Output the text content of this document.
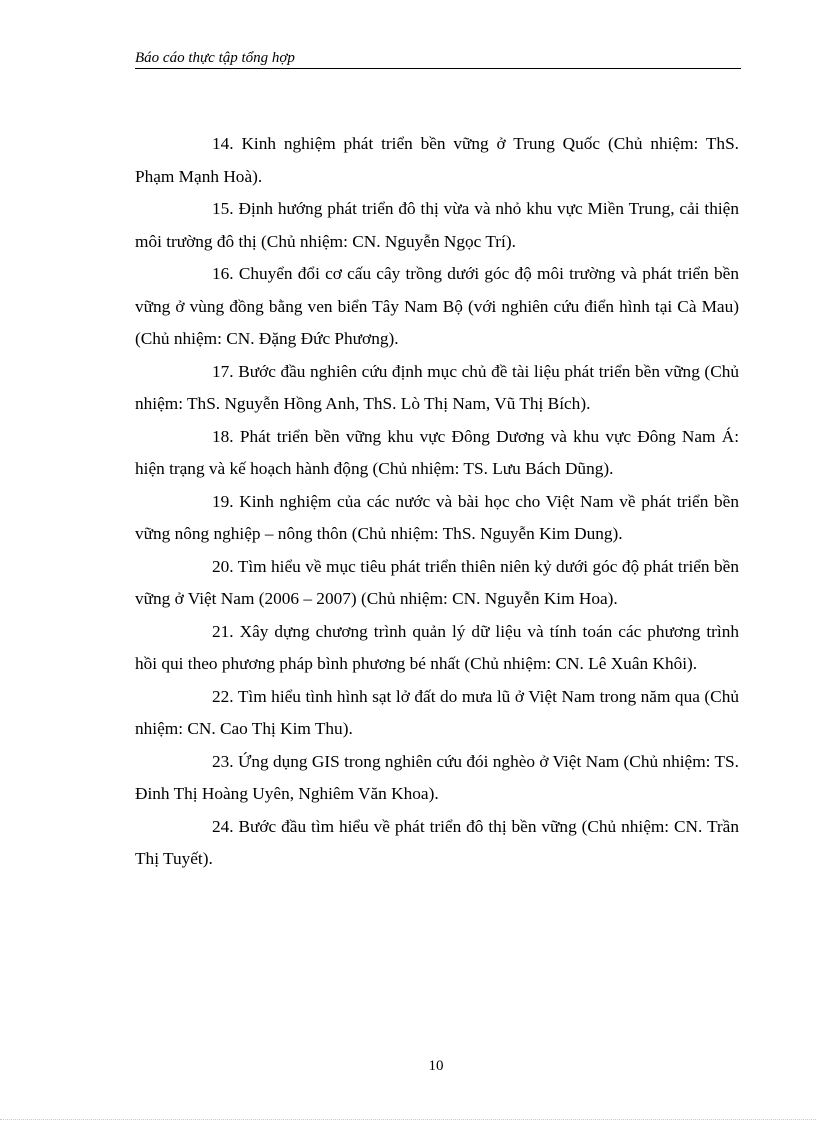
Báo cáo thực tập tổng hợp
14. Kinh nghiệm phát triển bền vững ở Trung Quốc (Chủ nhiệm: ThS. Phạm Mạnh Hoà).
15. Định hướng phát triển đô thị vừa và nhỏ khu vực Miền Trung, cải thiện môi trường đô thị (Chủ nhiệm: CN. Nguyễn Ngọc Trí).
16. Chuyển đổi cơ cấu cây trồng dưới góc độ môi trường và phát triển bền vững ở vùng đồng bằng ven biển Tây Nam Bộ (với nghiên cứu điển hình tại Cà Mau) (Chủ nhiệm: CN. Đặng Đức Phương).
17. Bước đầu nghiên cứu định mục chủ đề tài liệu phát triển bền vững (Chủ nhiệm: ThS. Nguyễn Hồng Anh, ThS. Lò Thị Nam, Vũ Thị Bích).
18. Phát triển bền vững khu vực Đông Dương và khu vực Đông Nam Á: hiện trạng và kế hoạch hành động (Chủ nhiệm: TS. Lưu Bách Dũng).
19. Kinh nghiệm của các nước và bài học cho Việt Nam về phát triển bền vững nông nghiệp – nông thôn (Chủ nhiệm: ThS. Nguyễn Kim Dung).
20. Tìm hiểu về mục tiêu phát triển thiên niên kỷ dưới góc độ phát triển bền vững ở Việt Nam (2006 – 2007) (Chủ nhiệm: CN. Nguyễn Kim Hoa).
21. Xây dựng chương trình quản lý dữ liệu và tính toán các phương trình hồi qui theo phương pháp bình phương bé nhất (Chủ nhiệm: CN. Lê Xuân Khôi).
22. Tìm hiểu tình hình sạt lở đất do mưa lũ ở Việt Nam trong năm qua (Chủ nhiệm: CN. Cao Thị Kim Thu).
23. Ứng dụng GIS trong nghiên cứu đói nghèo ở Việt Nam (Chủ nhiệm: TS. Đinh Thị Hoàng Uyên, Nghiêm Văn Khoa).
24. Bước đầu tìm hiểu về phát triển đô thị bền vững (Chủ nhiệm: CN. Trần Thị Tuyết).
10
